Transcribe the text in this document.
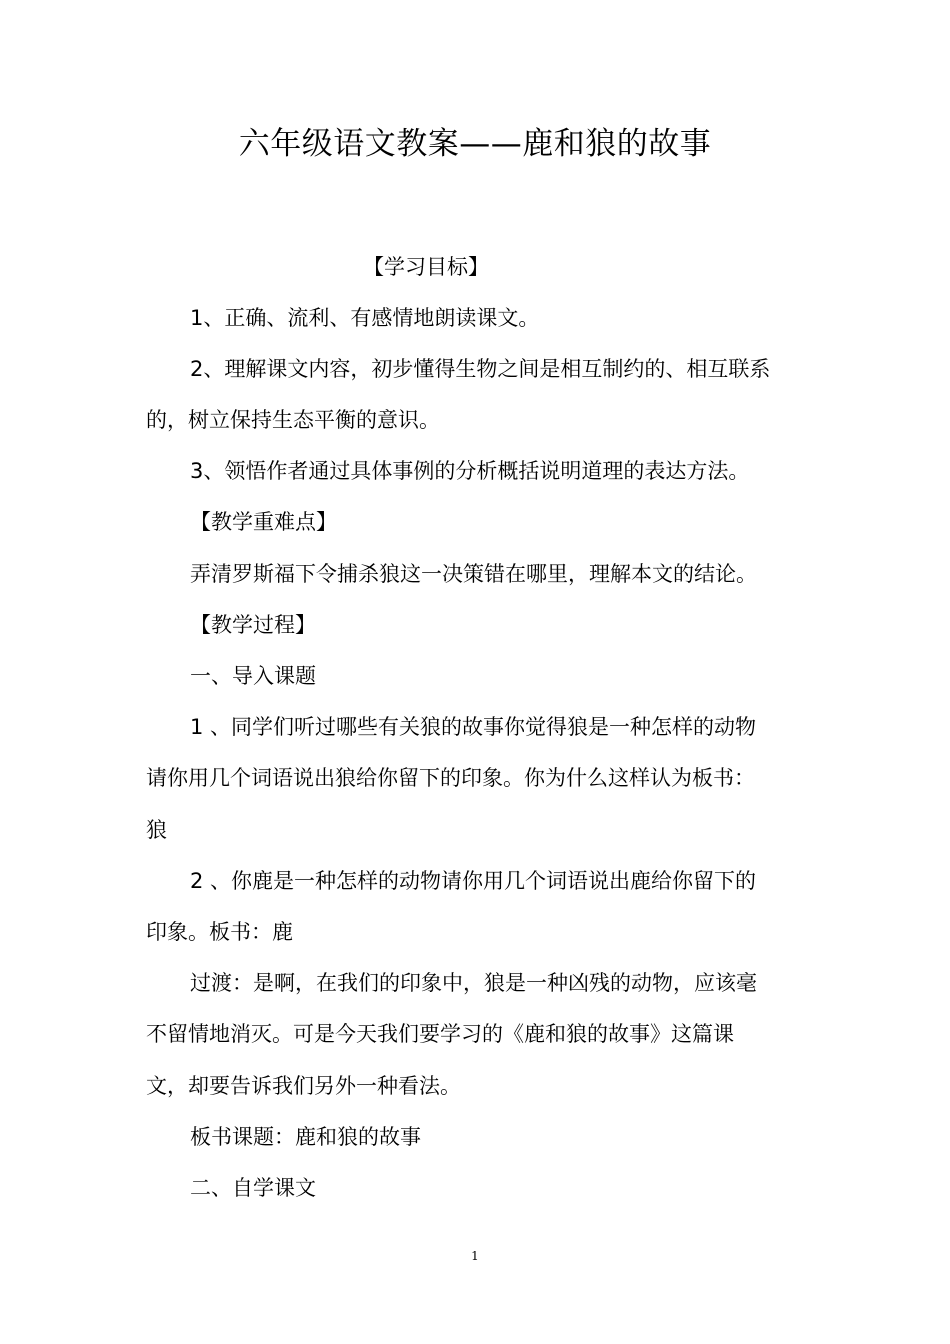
六年级语文教案——鹿和狼的故事
【学习目标】
1、正确、流利、有感情地朗读课文。
2、理解课文内容，初步懂得生物之间是相互制约的、相互联系
的，树立保持生态平衡的意识。
3、领悟作者通过具体事例的分析概括说明道理的表达方法。
【教学重难点】
弄清罗斯福下令捕杀狼这一决策错在哪里，理解本文的结论。
【教学过程】
一、导入课题
1 、同学们听过哪些有关狼的故事你觉得狼是一种怎样的动物
请你用几个词语说出狼给你留下的印象。你为什么这样认为板书：
狼
2 、你鹿是一种怎样的动物请你用几个词语说出鹿给你留下的
印象。板书：鹿
过渡：是啊，在我们的印象中，狼是一种凶残的动物，应该毫
不留情地消灭。可是今天我们要学习的《鹿和狼的故事》这篇课
文，却要告诉我们另外一种看法。
板书课题：鹿和狼的故事
二、自学课文
1
